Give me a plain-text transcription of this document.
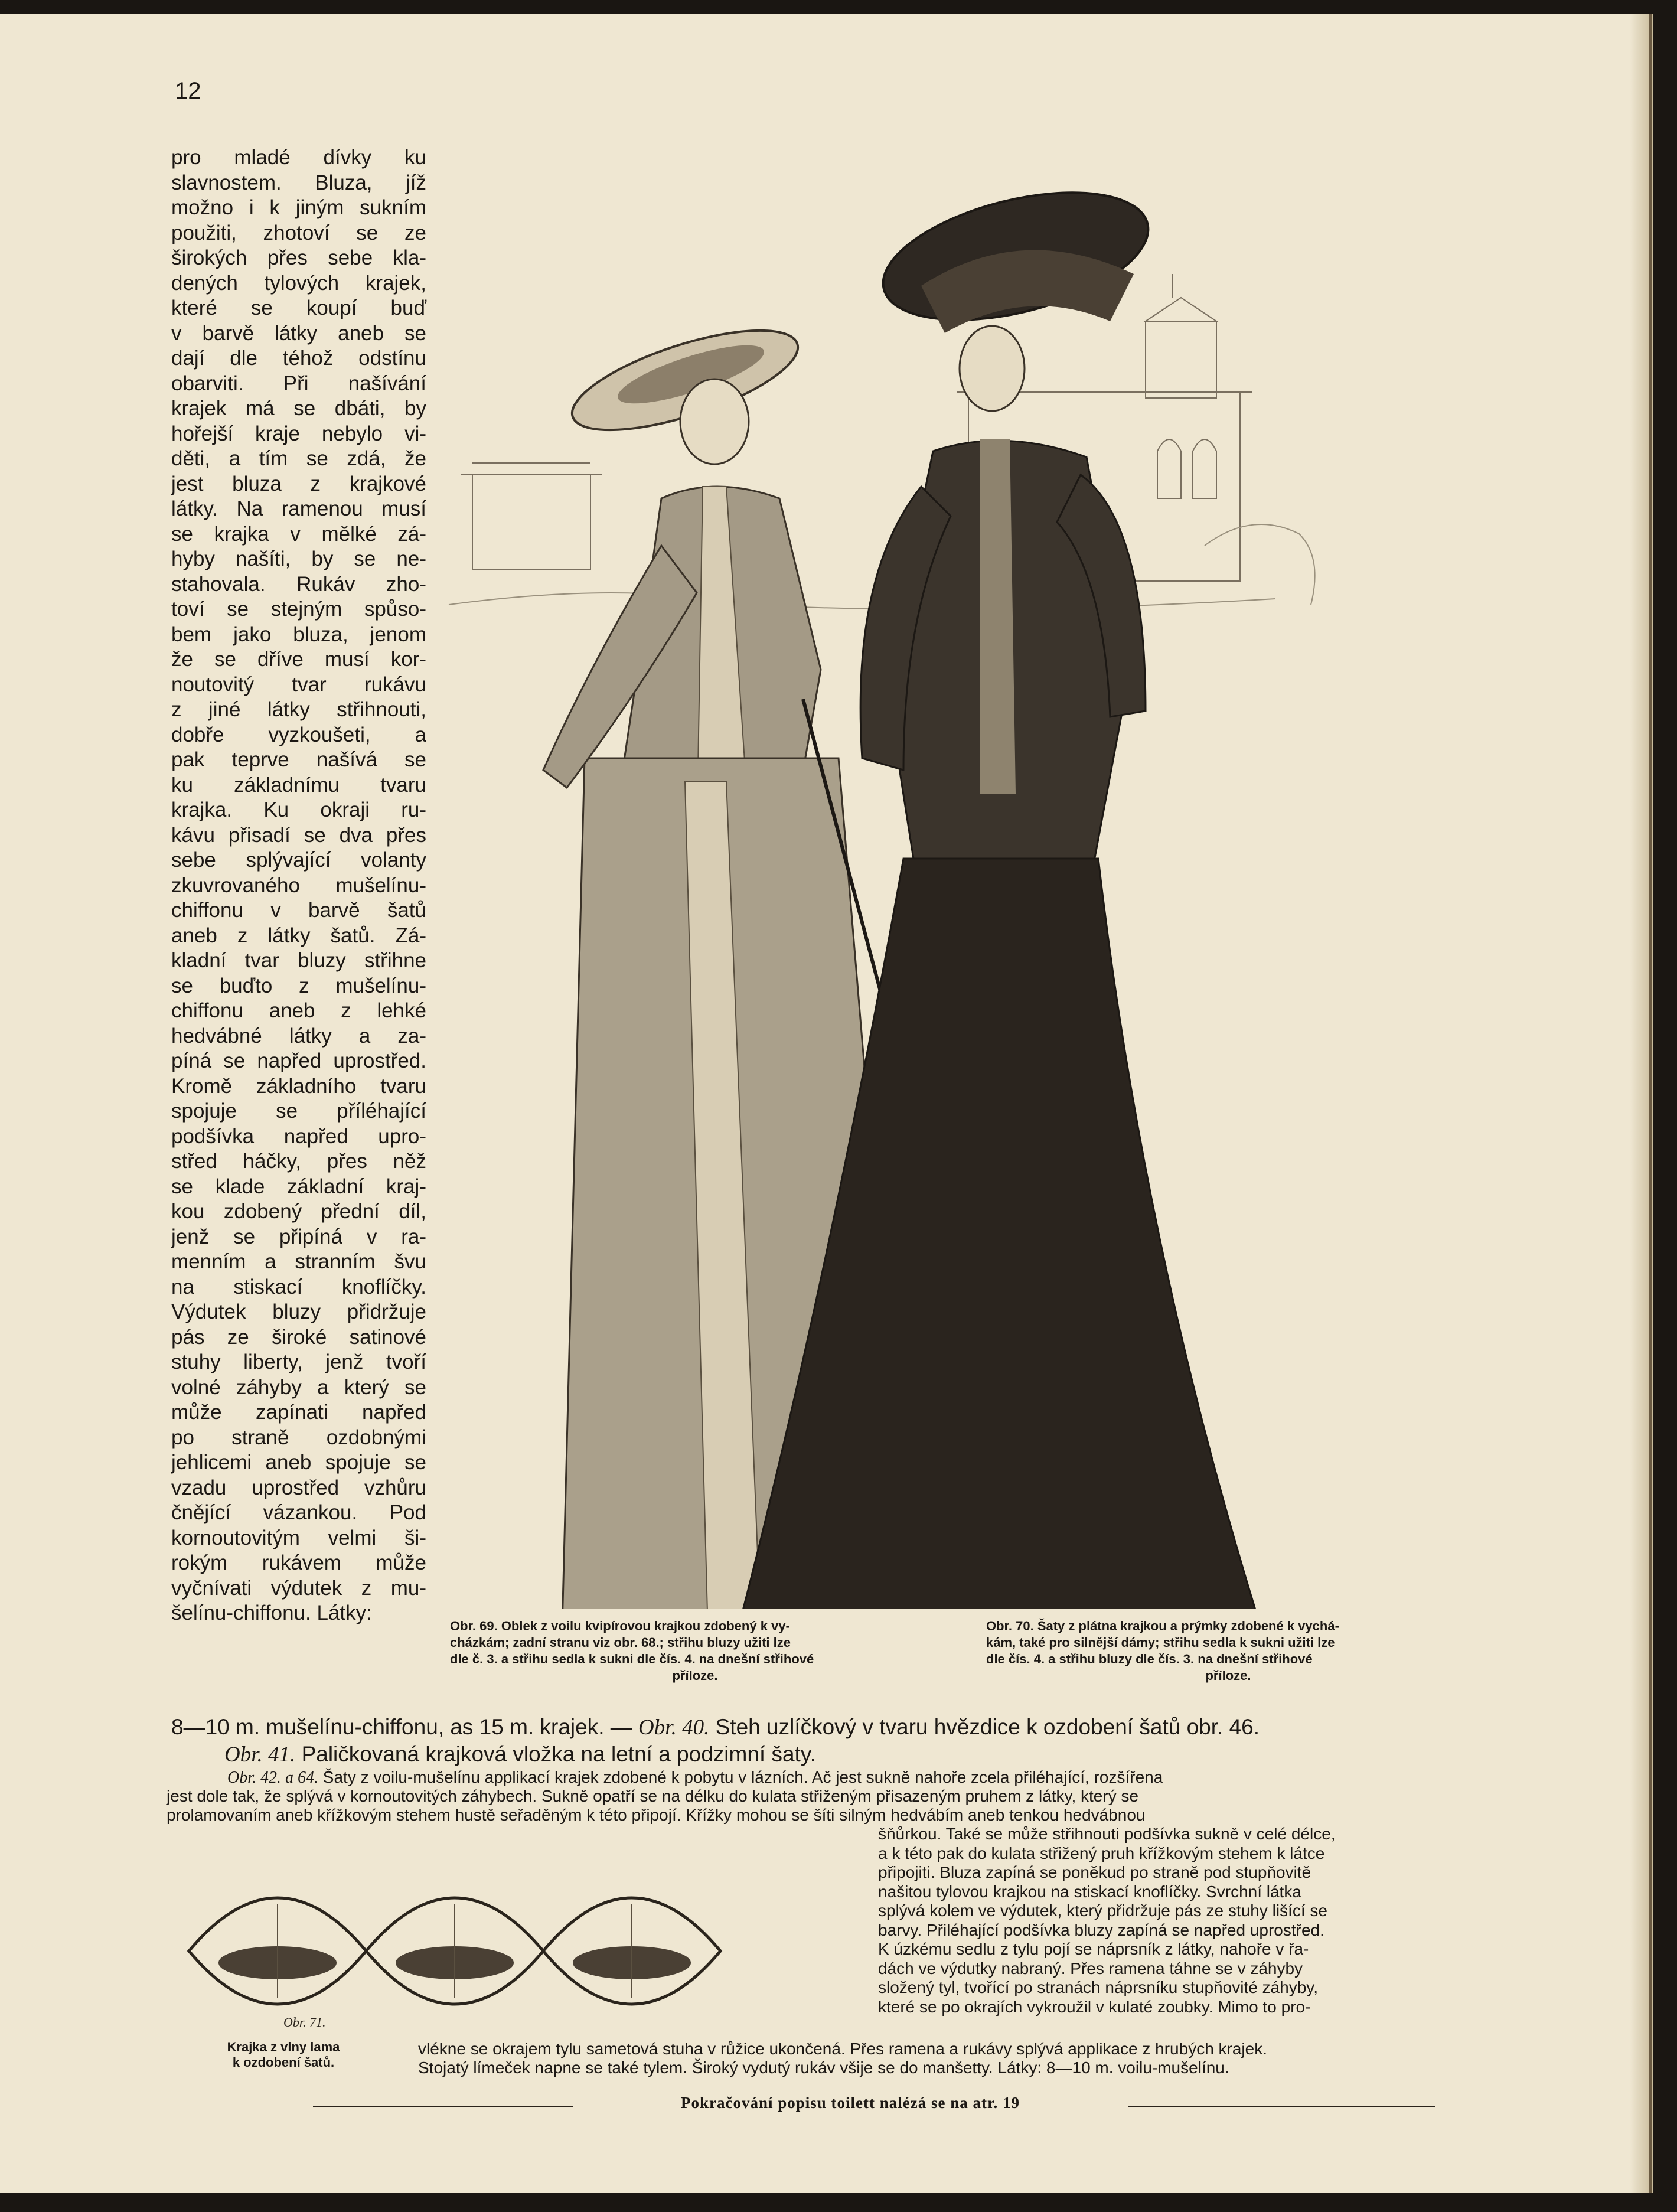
12
pro mladé dívky ku
slavnostem. Bluza, jíž
možno i k jiným sukním
použiti, zhotoví se ze
širokých přes sebe kla-
dených tylových krajek,
které se koupí buď
v barvě látky aneb se
dají dle téhož odstínu
obarviti. Při našívání
krajek má se dbáti, by
hořejší kraje nebylo vi-
děti, a tím se zdá, že
jest bluza z krajkové
látky. Na ramenou musí
se krajka v mělké zá-
hyby našíti, by se ne-
stahovala. Rukáv zho-
toví se stejným spůso-
bem jako bluza, jenom
že se dříve musí kor-
noutovitý tvar rukávu
z jiné látky střihnouti,
dobře vyzkoušeti, a
pak teprve našívá se
ku základnímu tvaru
krajka. Ku okraji ru-
kávu přisadí se dva přes
sebe splývající volanty
zkuvrovaného mušelínu-
chiffonu v barvě šatů
aneb z látky šatů. Zá-
kladní tvar bluzy střihne
se buďto z mušelínu-
chiffonu aneb z lehké
hedvábné látky a za-
píná se napřed uprostřed.
Kromě základního tvaru
spojuje se příléhající
podšívka napřed upro-
střed háčky, přes něž
se klade základní kraj-
kou zdobený přední díl,
jenž se připíná v ra-
menním a stranním švu
na stiskací knoflíčky.
Výdutek bluzy přidržuje
pás ze široké satinové
stuhy liberty, jenž tvoří
volné záhyby a který se
může zapínati napřed
po straně ozdobnými
jehlicemi aneb spojuje se
vzadu uprostřed vzhůru
čnějící vázankou. Pod
kornoutovitým velmi ši-
rokým rukávem může
vyčnívati výdutek z mu-
šelínu-chiffonu. Látky:
Obr. 69. Oblek z voilu kvipírovou krajkou zdobený k vy-
cházkám; zadní stranu viz obr. 68.; střihu bluzy užiti lze
dle č. 3. a střihu sedla k sukni dle čís. 4. na dnešní střihové
příloze.
Obr. 70. Šaty z plátna krajkou a prýmky zdobené k vychá-
kám, také pro silnější dámy; střihu sedla k sukni užiti lze
dle čís. 4. a střihu bluzy dle čís. 3. na dnešní střihové
příloze.
8—10 m. mušelínu-chiffonu, as 15 m. krajek. — Obr. 40. Steh uzlíčkový v tvaru hvězdice k ozdobení šatů obr. 46.
Obr. 41. Paličkovaná krajková vložka na letní a podzimní šaty.
Obr. 42. a 64. Šaty z voilu-mušelínu applikací krajek zdobené k pobytu v lázních. Ač jest sukně nahoře zcela přiléhající, rozšířena
jest dole tak, že splývá v kornoutovitých záhybech. Sukně opatří se na délku do kulata střiženým přisazeným pruhem z látky, který se
prolamovaním aneb křížkovým stehem hustě seřaděným k této připojí. Křížky mohou se šíti silným hedvábím aneb tenkou hedvábnou
šňůrkou. Také se může střihnouti podšívka sukně v celé délce,
a k této pak do kulata střižený pruh křížkovým stehem k látce
připojiti. Bluza zapíná se poněkud po straně pod stupňovitě
našitou tylovou krajkou na stiskací knoflíčky. Svrchní látka
splývá kolem ve výdutek, který přidržuje pás ze stuhy lišící se
barvy. Přiléhající podšívka bluzy zapíná se napřed uprostřed.
K úzkému sedlu z tylu pojí se náprsník z látky, nahoře v řa-
dách ve výdutky nabraný. Přes ramena táhne se v záhyby
složený tyl, tvořící po stranách náprsníku stupňovité záhyby,
které se po okrajích vykroužil v kulaté zoubky. Mimo to pro-
Obr. 71.
Krajka z vlny lama
k ozdobení šatů.
vlékne se okrajem tylu sametová stuha v růžice ukončená. Přes ramena a rukávy splývá applikace z hrubých krajek.
Stojatý límeček napne se také tylem. Široký vydutý rukáv všije se do manšetty. Látky: 8—10 m. voilu-mušelínu.
Pokračování popisu toilett nalézá se na atr. 19
